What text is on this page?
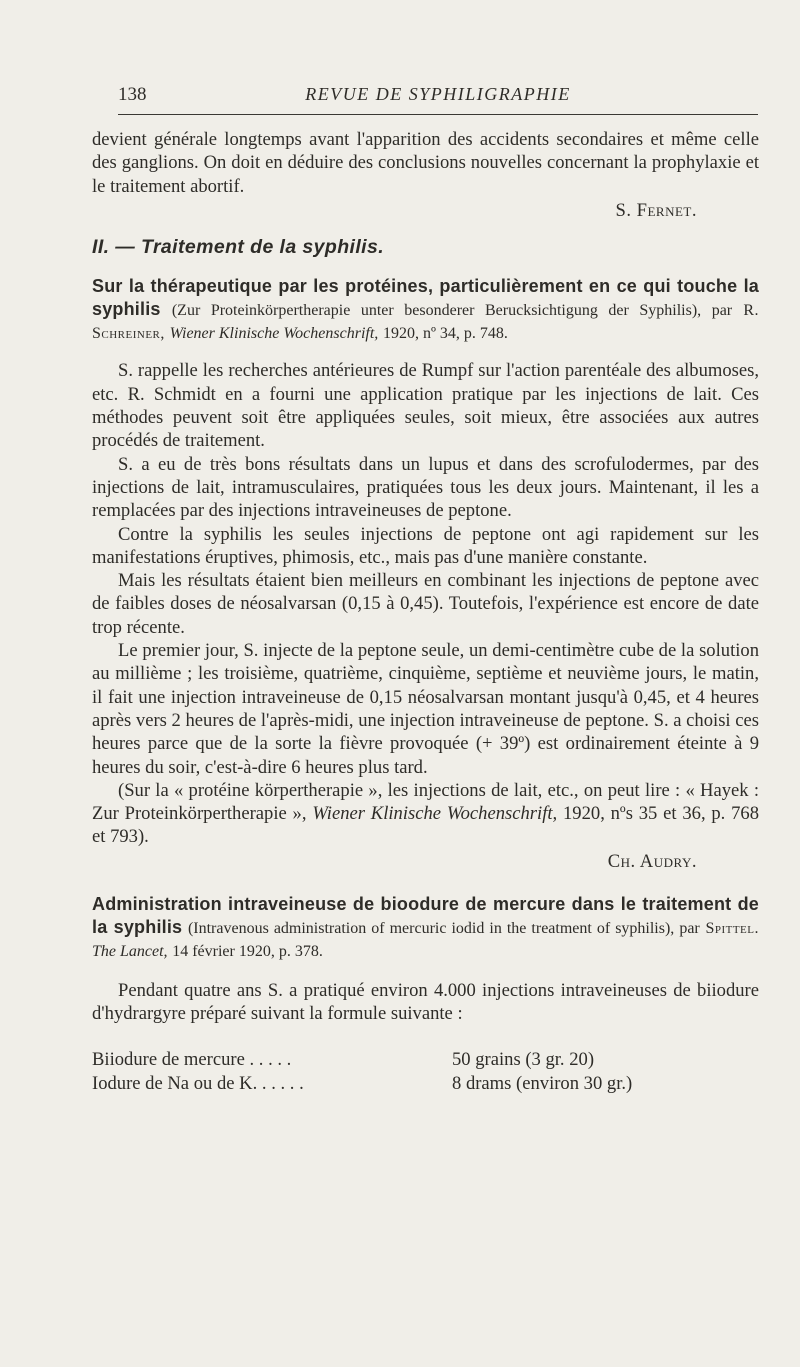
138	REVUE DE SYPHILIGRAPHIE

devient générale longtemps avant l'apparition des accidents secondaires et même celle des ganglions. On doit en déduire des conclusions nouvelles concernant la prophylaxie et le traitement abortif.

S. Fernet.

II. — Traitement de la syphilis.

Sur la thérapeutique par les protéines, particulièrement en ce qui touche la syphilis (Zur Proteinkörpertherapie unter besonderer Berucksichtigung der Syphilis), par R. Schreiner, Wiener Klinische Wochenschrift, 1920, nº 34, p. 748.

S. rappelle les recherches antérieures de Rumpf sur l'action parentéale des albumoses, etc. R. Schmidt en a fourni une application pratique par les injections de lait. Ces méthodes peuvent soit être appliquées seules, soit mieux, être associées aux autres procédés de traitement.

S. a eu de très bons résultats dans un lupus et dans des scrofulodermes, par des injections de lait, intramusculaires, pratiquées tous les deux jours. Maintenant, il les a remplacées par des injections intraveineuses de peptone.

Contre la syphilis les seules injections de peptone ont agi rapidement sur les manifestations éruptives, phimosis, etc., mais pas d'une manière constante.

Mais les résultats étaient bien meilleurs en combinant les injections de peptone avec de faibles doses de néosalvarsan (0,15 à 0,45). Toutefois, l'expérience est encore de date trop récente.

Le premier jour, S. injecte de la peptone seule, un demi-centimètre cube de la solution au millième ; les troisième, quatrième, cinquième, septième et neuvième jours, le matin, il fait une injection intraveineuse de 0,15 néosalvarsan montant jusqu'à 0,45, et 4 heures après vers 2 heures de l'après-midi, une injection intraveineuse de peptone. S. a choisi ces heures parce que de la sorte la fièvre provoquée (+ 39º) est ordinairement éteinte à 9 heures du soir, c'est-à-dire 6 heures plus tard.

(Sur la « protéine körpertherapie », les injections de lait, etc., on peut lire : « Hayek : Zur Proteinkörpertherapie », Wiener Klinische Wochenschrift, 1920, nºs 35 et 36, p. 768 et 793).

Ch. Audry.

Administration intraveineuse de bioodure de mercure dans le traitement de la syphilis (Intravenous administration of mercuric iodid in the treatment of syphilis), par Spittel. The Lancet, 14 février 1920, p. 378.

Pendant quatre ans S. a pratiqué environ 4.000 injections intraveineuses de biiodure d'hydrargyre préparé suivant la formule suivante :

Biiodure de mercure . . . . .	50 grains (3 gr. 20)
Iodure de Na ou de K. . . . . .	8 drams (environ 30 gr.)
